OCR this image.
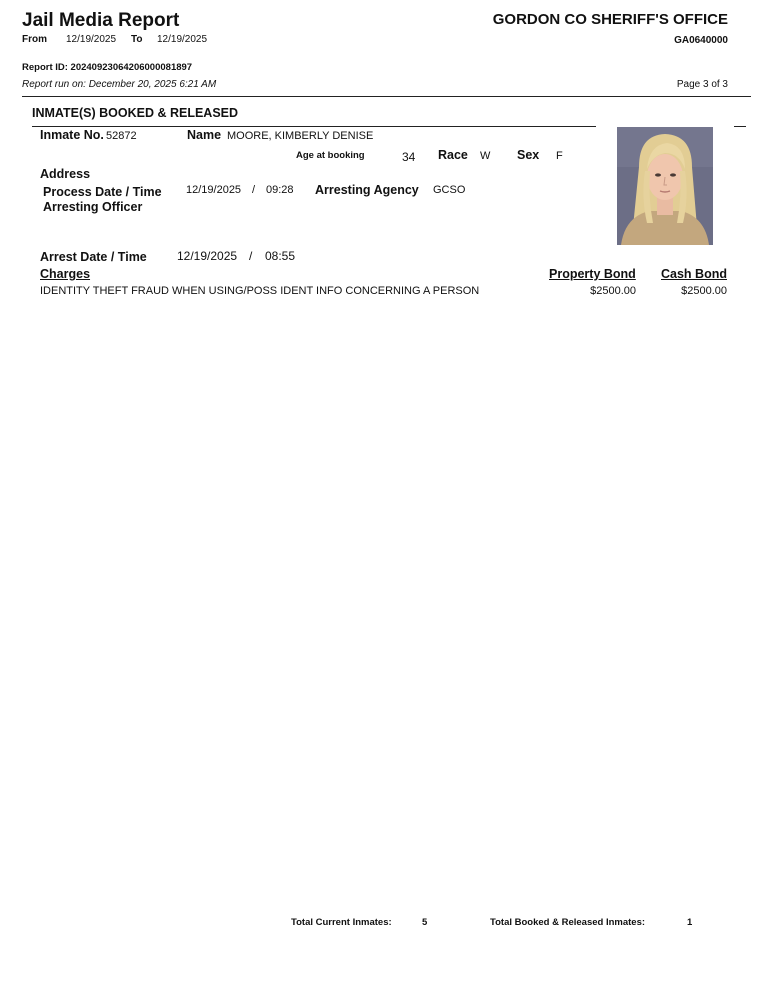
Jail Media Report
From 12/19/2025 To 12/19/2025
GORDON CO SHERIFF'S OFFICE
GA0640000
Report ID: 20240923064206000081897
Report run on: December 20, 2025 6:21 AM	Page 3 of 3
INMATE(S) BOOKED & RELEASED
Inmate No. 52872	Name MOORE, KIMBERLY DENISE
Age at booking	34 Race W Sex F
Address
Process Date / Time 12/19/2025 / 09:28 Arresting Agency GCSO
Arresting Officer
Arrest Date / Time	12/19/2025 / 08:55
Charges	Property Bond Cash Bond
IDENTITY THEFT FRAUD WHEN USING/POSS IDENT INFO CONCERNING A PERSON	$2500.00	$2500.00
Total Current Inmates:	5	Total Booked & Released Inmates:	1
